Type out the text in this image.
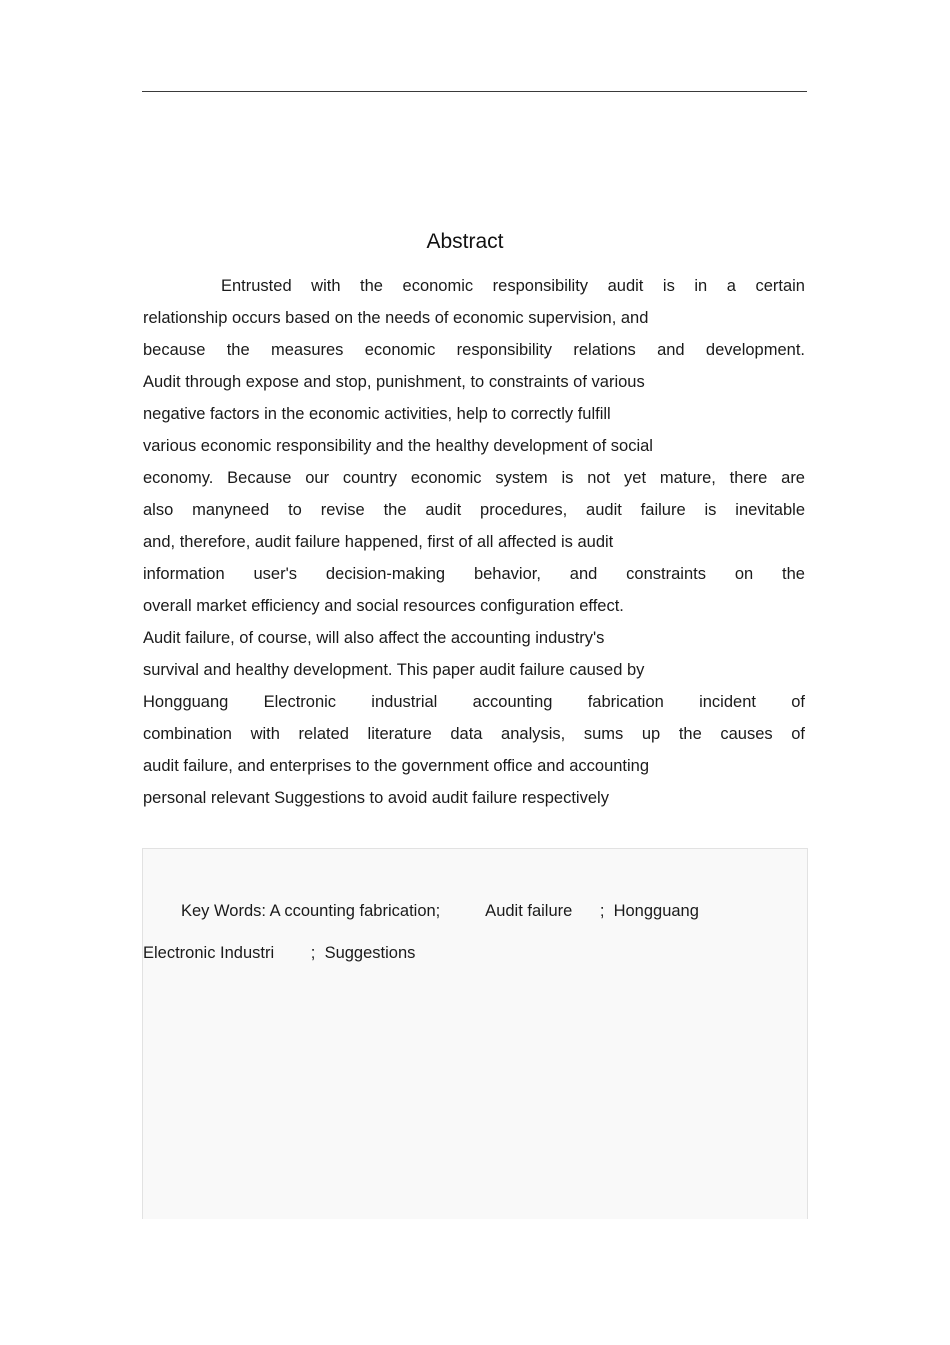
Abstract
Entrusted with the economic responsibility audit is in a certain
relationship occurs based on the needs of economic supervision, and
because the measures economic responsibility relations and development.
Audit through expose and stop, punishment, to constraints of various
negative factors in the economic activities, help to correctly fulfill
various economic responsibility and the healthy development of social
economy. Because our country economic system is not yet mature, there are
also manyneed to revise the audit procedures, audit failure is inevitable
and, therefore, audit failure happened, first of all affected is audit
information user's decision-making behavior, and constraints on the
overall market efficiency and social resources configuration effect.
Audit failure, of course, will also affect the accounting industry's
survival and healthy development. This paper audit failure caused by
Hongguang Electronic industrial accounting fabrication incident of
combination with related literature data analysis, sums up the causes of
audit failure, and enterprises to the government office and accounting
personal relevant Suggestions to avoid audit failure respectively
Key Words: A ccounting fabrication;          Audit failure      ;  Hongguang
Electronic Industri        ;  Suggestions
